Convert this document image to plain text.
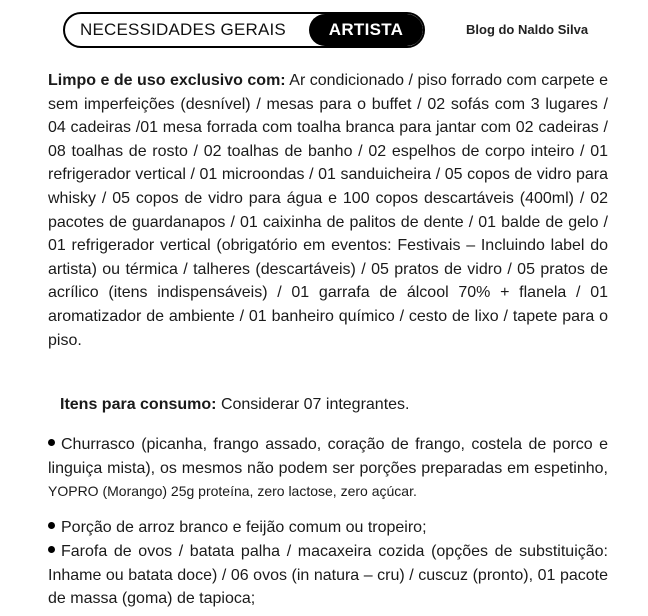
NECESSIDADES GERAIS	ARTISTA	Blog do Naldo Silva

Limpo e de uso exclusivo com: Ar condicionado / piso forrado com carpete e sem imperfeições (desnível) / mesas para o buffet / 02 sofás com 3 lugares / 04 cadeiras /01 mesa forrada com toalha branca para jantar com 02 cadeiras / 08 toalhas de rosto / 02 toalhas de banho / 02 espelhos de corpo inteiro / 01 refrigerador vertical / 01 microondas / 01 sanduicheira / 05 copos de vidro para whisky / 05 copos de vidro para água e 100 copos descartáveis (400ml) / 02 pacotes de guardanapos / 01 caixinha de palitos de dente / 01 balde de gelo / 01 refrigerador vertical (obrigatório em eventos: Festivais – Incluindo label do artista) ou térmica / talheres (descartáveis) / 05 pratos de vidro / 05 pratos de acrílico (itens indispensáveis) / 01 garrafa de álcool 70% + flanela / 01 aromatizador de ambiente / 01 banheiro químico / cesto de lixo / tapete para o piso.

Itens para consumo: Considerar 07 integrantes.

Churrasco (picanha, frango assado, coração de frango, costela de porco e linguiça mista), os mesmos não podem ser porções preparadas em espetinho, YOPRO (Morango) 25g proteína, zero lactose, zero açúcar.

Porção de arroz branco e feijão comum ou tropeiro;

Farofa de ovos / batata palha / macaxeira cozida (opções de substituição: Inhame ou batata doce) / 06 ovos (in natura – cru) / cuscuz (pronto), 01 pacote de massa (goma) de tapioca;
